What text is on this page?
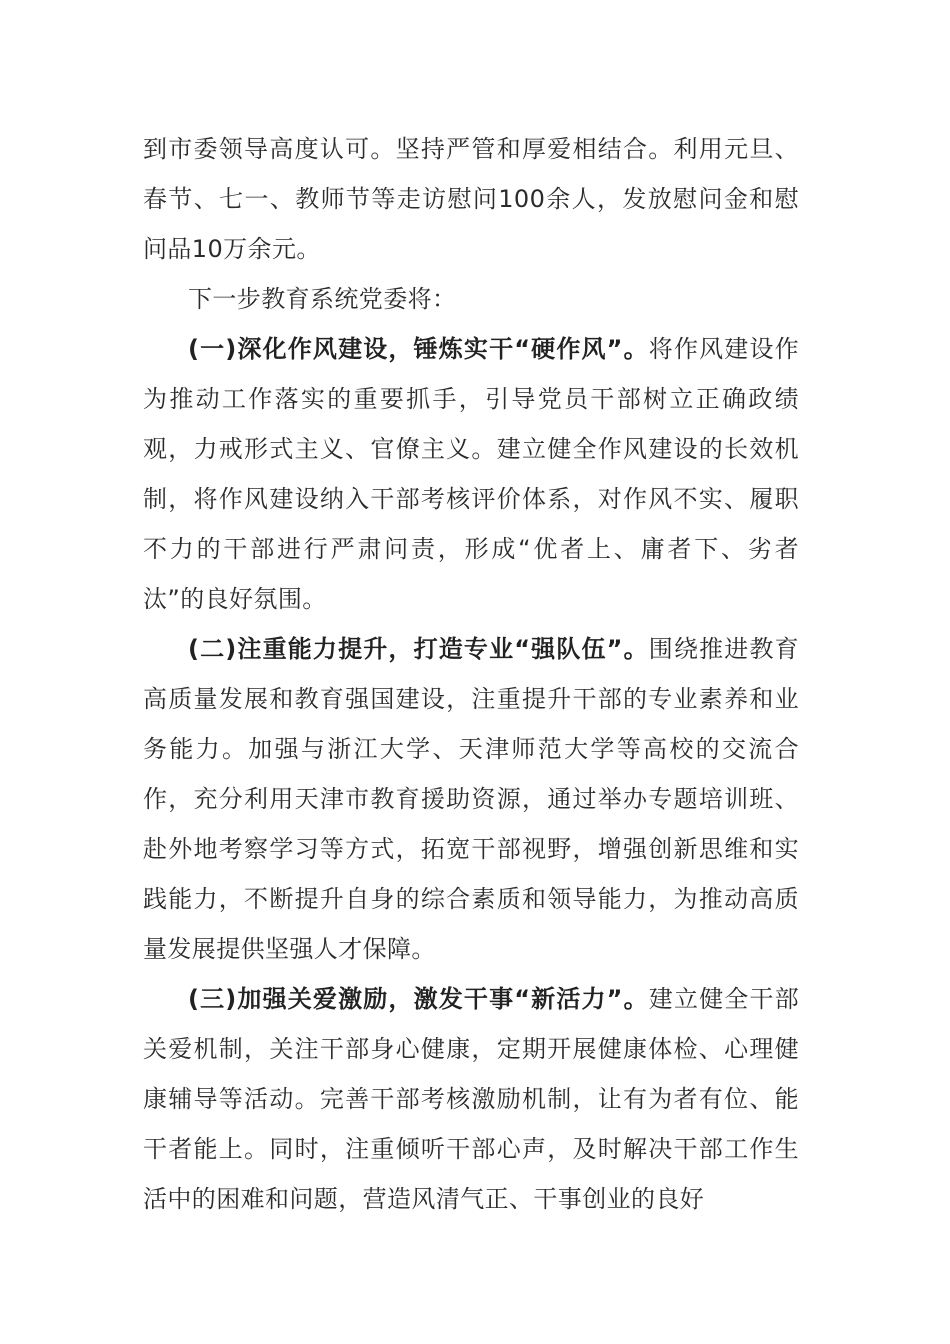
到市委领导高度认可。坚持严管和厚爱相结合。利用元旦、春节、七一、教师节等走访慰问100余人，发放慰问金和慰问品10万余元。

下一步教育系统党委将：

(一)深化作风建设，锤炼实干“硬作风”。将作风建设作为推动工作落实的重要抓手，引导党员干部树立正确政绩观，力戒形式主义、官僚主义。建立健全作风建设的长效机制，将作风建设纳入干部考核评价体系，对作风不实、履职不力的干部进行严肃问责，形成“优者上、庸者下、劣者汰”的良好氛围。

(二)注重能力提升，打造专业“强队伍”。围绕推进教育高质量发展和教育强国建设，注重提升干部的专业素养和业务能力。加强与浙江大学、天津师范大学等高校的交流合作，充分利用天津市教育援助资源，通过举办专题培训班、赴外地考察学习等方式，拓宽干部视野，增强创新思维和实践能力，不断提升自身的综合素质和领导能力，为推动高质量发展提供坚强人才保障。

(三)加强关爱激励，激发干事“新活力”。建立健全干部关爱机制，关注干部身心健康，定期开展健康体检、心理健康辅导等活动。完善干部考核激励机制，让有为者有位、能干者能上。同时，注重倾听干部心声，及时解决干部工作生活中的困难和问题，营造风清气正、干事创业的良好
